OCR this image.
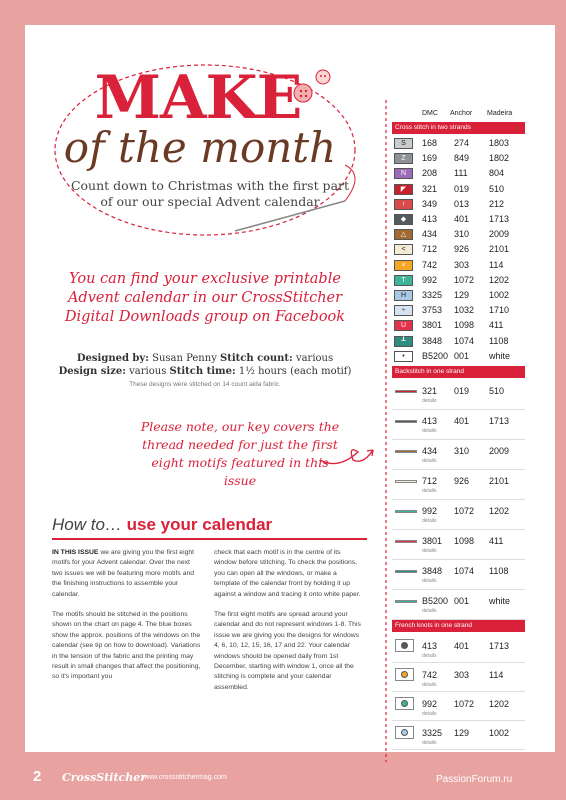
MAKE
of the month
Count down to Christmas with the first part of our our special Advent calendar
You can find your exclusive printable Advent calendar in our CrossStitcher Digital Downloads group on Facebook
Designed by: Susan Penny Stitch count: various
Design size: various Stitch time: 1½ hours (each motif)
These designs were stitched on 14 count aida fabric.
Please note, our key covers the thread needed for just the first eight motifs featured in this issue
How to… use your calendar

IN THIS ISSUE we are giving you the first eight motifs for your Advent calendar. Over the next two issues we will be featuring more motifs and the finishing instructions to assemble your calendar.

The motifs should be stitched in the positions shown on the chart on page 4. The blue boxes show the approx. positions of the windows on the calendar (see tip on how to download). Variations in the tension of the fabric and the printing may result in small changes that affect the positioning, so it's important you

check that each motif is in the centre of its window before stitching. To check the positions, you can open all the windows, or make a template of the calendar front by holding it up against a window and tracing it onto white paper.

The first eight motifs are spread around your calendar and do not represent windows 1-8. This issue we are giving you the designs for windows 4, 6, 10, 12, 15, 16, 17 and 22. Your calendar windows should be opened daily from 1st December, starting with window 1, once all the stitching is complete and your calendar assembled.

DMC Anchor Madeira
Cross stitch in two strands
S	168 274 1803
Z	169 849 1802
N	208 111 804
◤	321 019 510
↑	349 013 212
◆	413 401 1713
△	434 310 2009
<	712 926 2101
×	742 303 114
T	992 1072 1202
H	3325 129 1002
÷	3753 1032 1710
U	3801 1098 411
┸	3848 1074 1108
•	B5200 001 white
Backstitch in one strand
321 019 510
details
413 401 1713
details
434 310 2009
details
712 926 2101
details
992 1072 1202
details
3801 1098 411
details
3848 1074 1108
details
B5200 001 white
details
French knots in one strand
413 401 1713
details
742 303 114
details
992 1072 1202
details
3325 129 1002
details
2 CrossStitcher
www.crossstitchermag.com	PassionForum.ru
